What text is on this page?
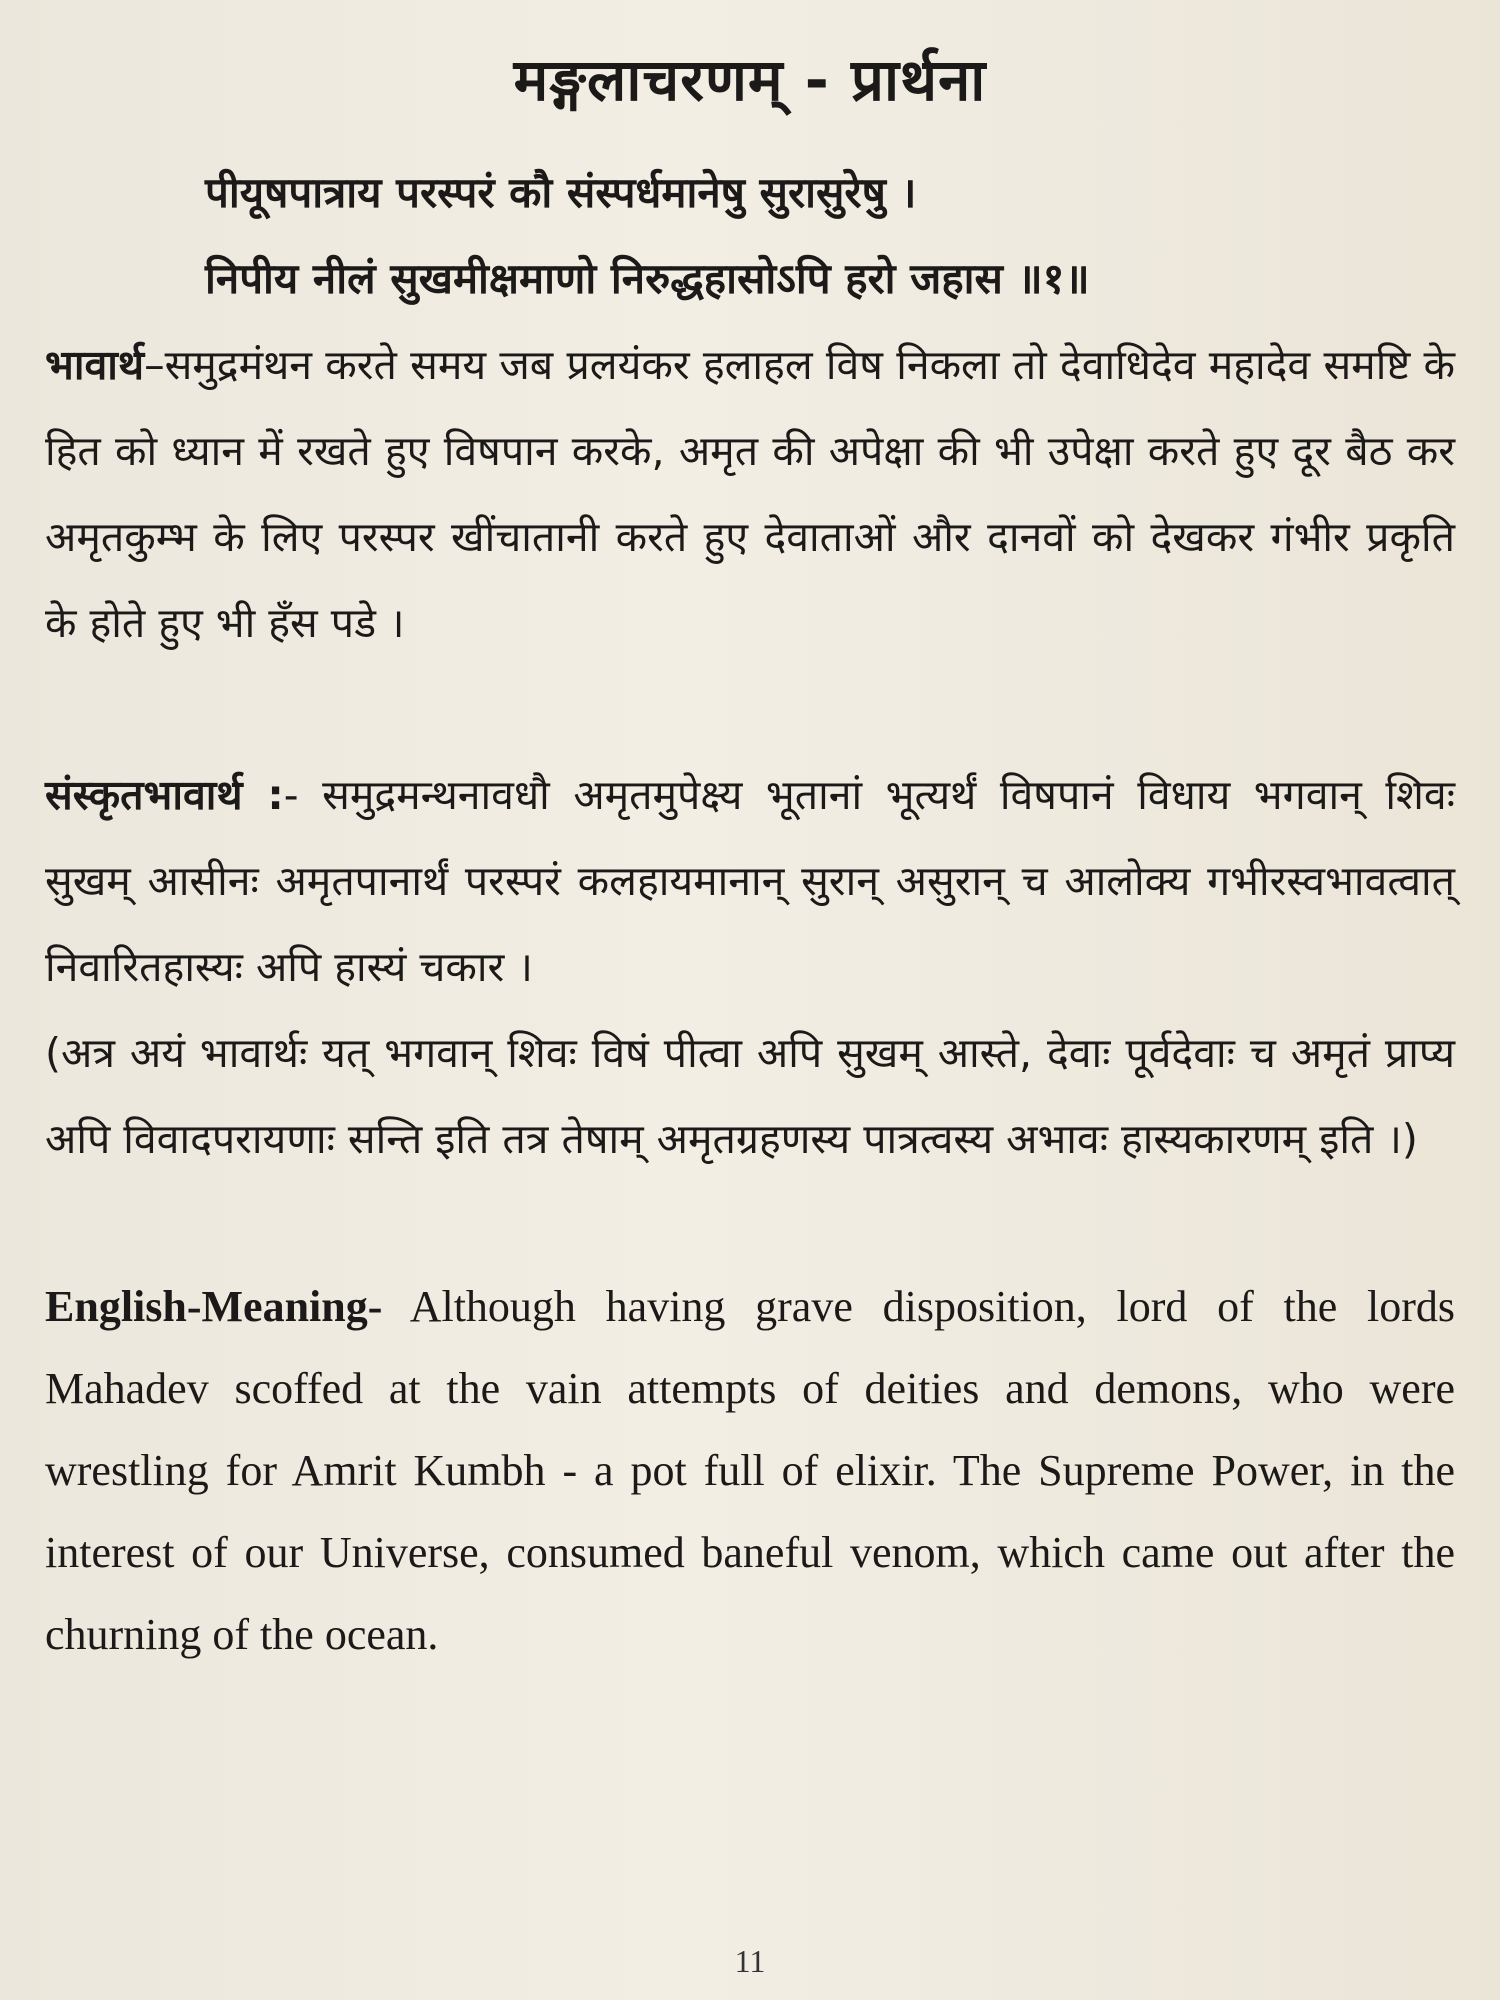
मङ्गलाचरणम् - प्रार्थना
पीयूषपात्राय परस्परं कौ संस्पर्धमानेषु सुरासुरेषु ।
निपीय नीलं सुखमीक्षमाणो निरुद्धहासोऽपि हरो जहास ॥१॥
भावार्थ–समुद्रमंथन करते समय जब प्रलयंकर हलाहल विष निकला तो देवाधिदेव महादेव समष्टि के हित को ध्यान में रखते हुए विषपान करके, अमृत की अपेक्षा की भी उपेक्षा करते हुए दूर बैठ कर अमृतकुम्भ के लिए परस्पर खींचातानी करते हुए देवाताओं और दानवों को देखकर गंभीर प्रकृति के होते हुए भी हँस पडे ।
संस्कृतभावार्थ :- समुद्रमन्थनावधौ अमृतमुपेक्ष्य भूतानां भूत्यर्थं विषपानं विधाय भगवान् शिवः सुखम् आसीनः अमृतपानार्थं परस्परं कलहायमानान् सुरान् असुरान् च आलोक्य गभीरस्वभावत्वात् निवारितहास्यः अपि हास्यं चकार ।
(अत्र अयं भावार्थः यत् भगवान् शिवः विषं पीत्वा अपि सुखम् आस्ते, देवाः पूर्वदेवाः च अमृतं प्राप्य अपि विवादपरायणाः सन्ति इति तत्र तेषाम् अमृतग्रहणस्य पात्रत्वस्य अभावः हास्यकारणम् इति ।)
English-Meaning- Although having grave disposition, lord of the lords Mahadev scoffed at the vain attempts of deities and demons, who were wrestling for Amrit Kumbh - a pot full of elixir. The Supreme Power, in the interest of our Universe, consumed baneful venom, which came out after the churning of the ocean.
11
